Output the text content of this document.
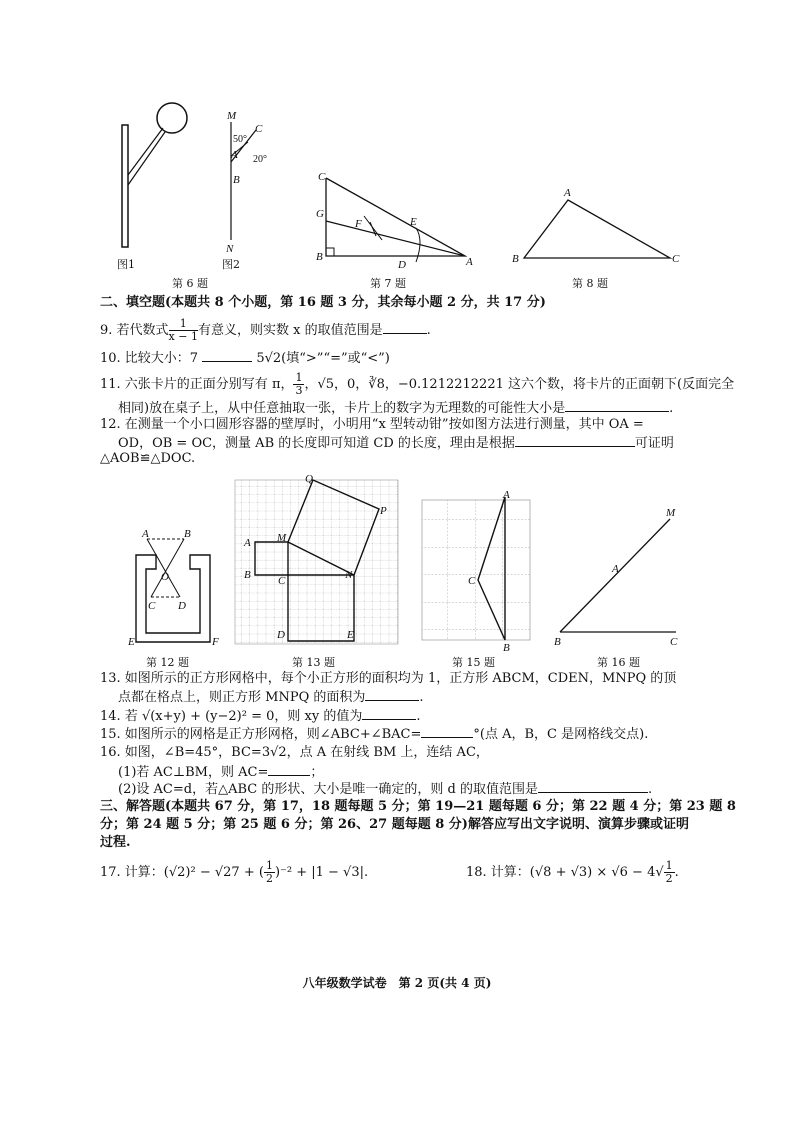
M
C
A
B
N
50°
20°
图1	图2
第 6 题
C
G
F	E
B
D	A
第 7 题
A
B	C
第 8 题
二、填空题(本题共 8 个小题，第 16 题 3 分，其余每小题 2 分，共 17 分)
9. 若代数式 $\frac{1}{x - 1}$ 有意义，则实数 x 的取值范围是	.
10. 比较大小：7	5√2(填“>”“=”或“<”)
11. 六张卡片的正面分别写有 π， $\frac{1}{3}$ ，√5，0，∛8，−0.1212212221 这六个数，将卡片的正面朝下(反面完全
相同)放在桌子上，从中任意抽取一张，卡片上的数字为无理数的可能性大小是	.
12. 在测量一个小口圆形容器的壁厚时，小明用“x 型转动钳”按如图方法进行测量，其中 OA =
OD，OB = OC，测量 AB 的长度即可知道 CD 的长度，理由是根据	可证明
△AOB≌△DOC.
A	B
O
C D
E	F
第 12 题
Q
P
A M
B C	N
D	E
第 13 题
A
C
B
第 15 题
M
A
B	C
第 16 题
13. 如图所示的正方形网格中，每个小正方形的面积均为 1，正方形 ABCM，CDEN，MNPQ 的顶
点都在格点上，则正方形 MNPQ 的面积为	.
14. 若 √(x+y) + (y−2)² = 0，则 xy 的值为	.
15. 如图所示的网格是正方形网格，则∠ABC+∠BAC=	°(点 A，B，C 是网格线交点).
16. 如图，∠B=45°，BC=3√2，点 A 在射线 BM 上，连结 AC，
(1)若 AC⊥BM，则 AC=	；
(2)设 AC=d，若△ABC 的形状、大小是唯一确定的，则 d 的取值范围是	.
三、解答题(本题共 67 分，第 17，18 题每题 5 分；第 19—21 题每题 6 分；第 22 题 4 分；第 23 题 8
分；第 24 题 5 分；第 25 题 6 分；第 26、27 题每题 8 分)解答应写出文字说明、演算步骤或证明
过程.
17. 计算：(√2)² − √27 + ( $\frac{1}{2} )^{-2} + |1 - √3|$.	18. 计算：$(√8 + √3) \times √6 - 4√ \frac{1}{2}$ .
八年级数学试卷　第 2 页(共 4 页)
